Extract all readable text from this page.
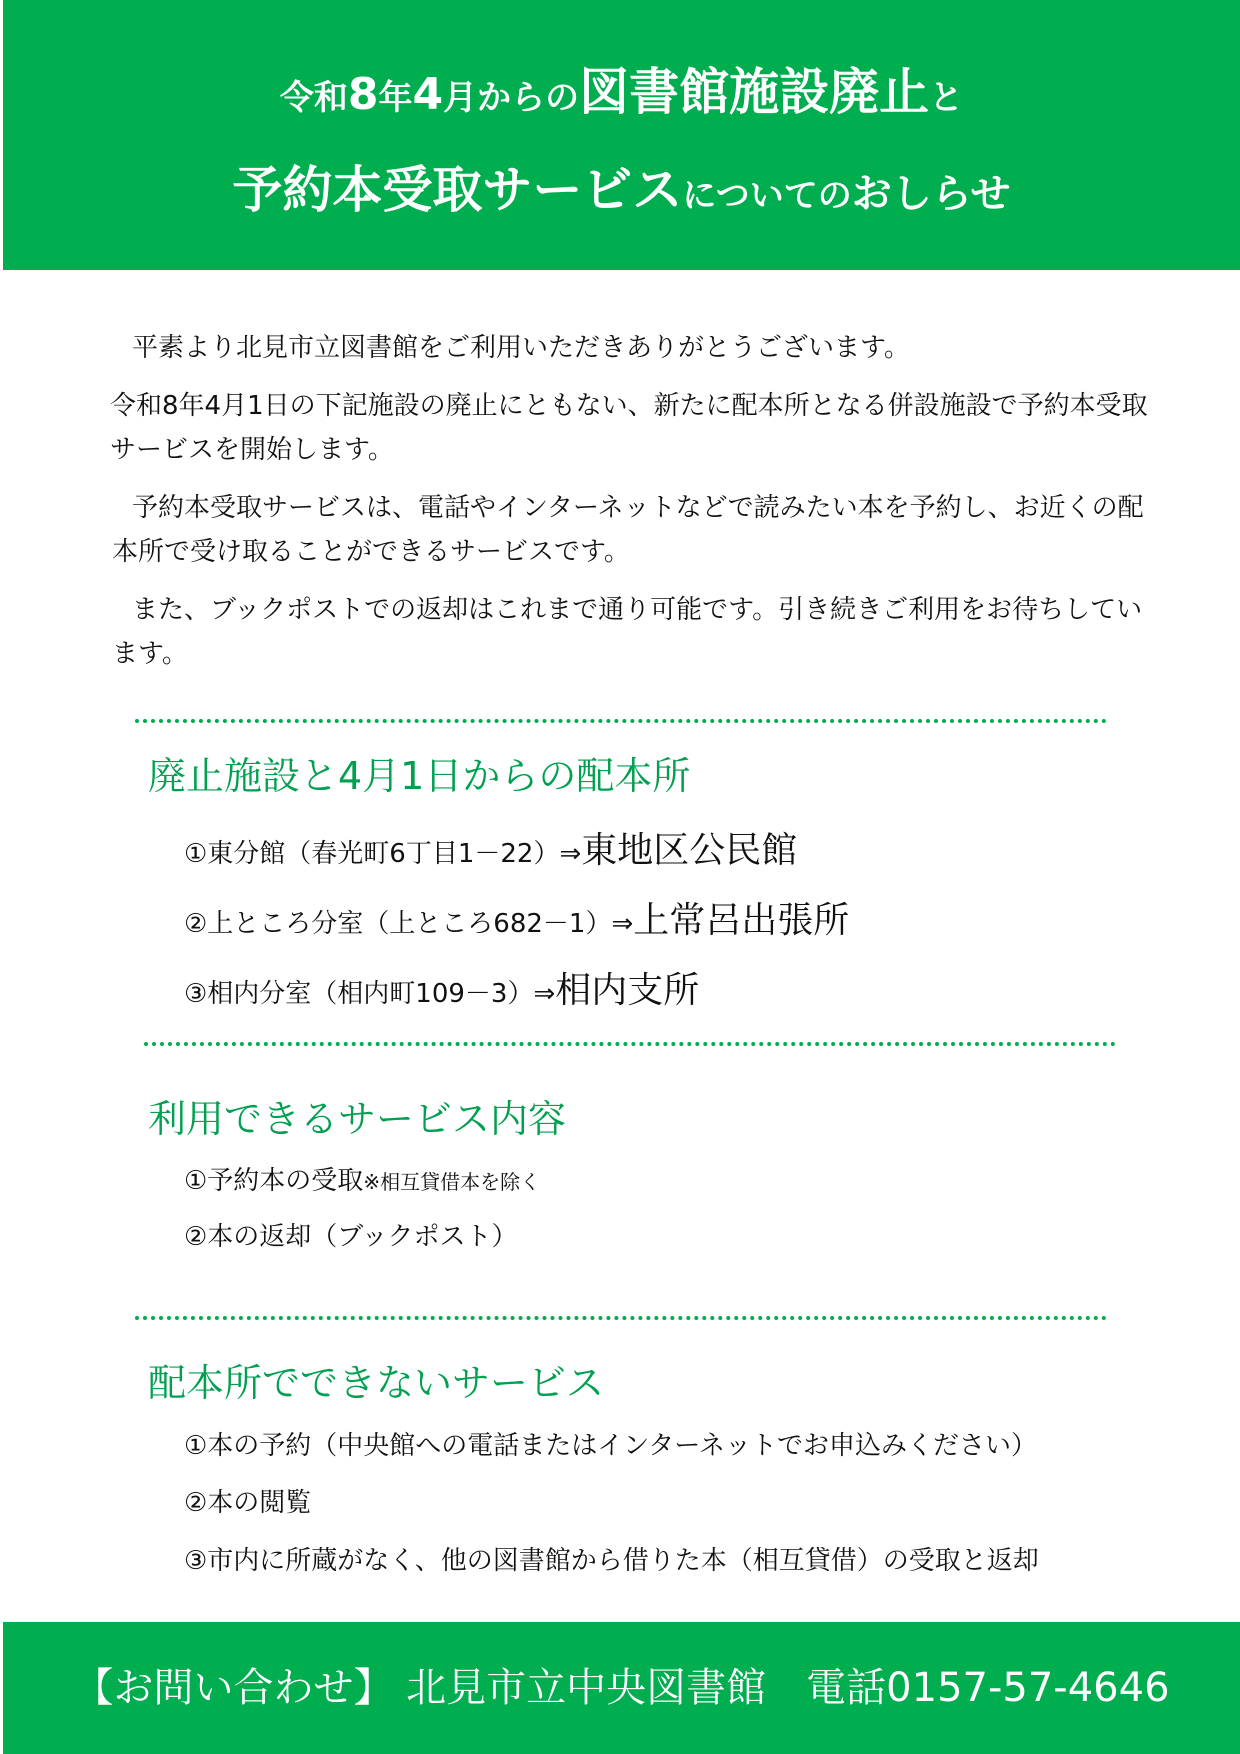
令和8年4月からの図書館施設廃止と
予約本受取サービスについてのおしらせ

平素より北見市立図書館をご利用いただきありがとうございます。

令和8年4月1日の下記施設の廃止にともない、新たに配本所となる併設施設で予約本受取サービスを開始します。

予約本受取サービスは、電話やインターネットなどで読みたい本を予約し、お近くの配本所で受け取ることができるサービスです。

また、ブックポストでの返却はこれまで通り可能です。引き続きご利用をお待ちしています。

廃止施設と4月1日からの配本所
①東分館（春光町6丁目1－22）⇒東地区公民館
②上ところ分室（上ところ682－1）⇒上常呂出張所
③相内分室（相内町109－3）⇒相内支所
利用できるサービス内容
①予約本の受取※相互貸借本を除く
②本の返却（ブックポスト）
配本所でできないサービス
①本の予約（中央館への電話またはインターネットでお申込みください）
②本の閲覧
③市内に所蔵がなく、他の図書館から借りた本（相互貸借）の受取と返却
【お問い合わせ】 北見市立中央図書館　電話0157-57-4646
